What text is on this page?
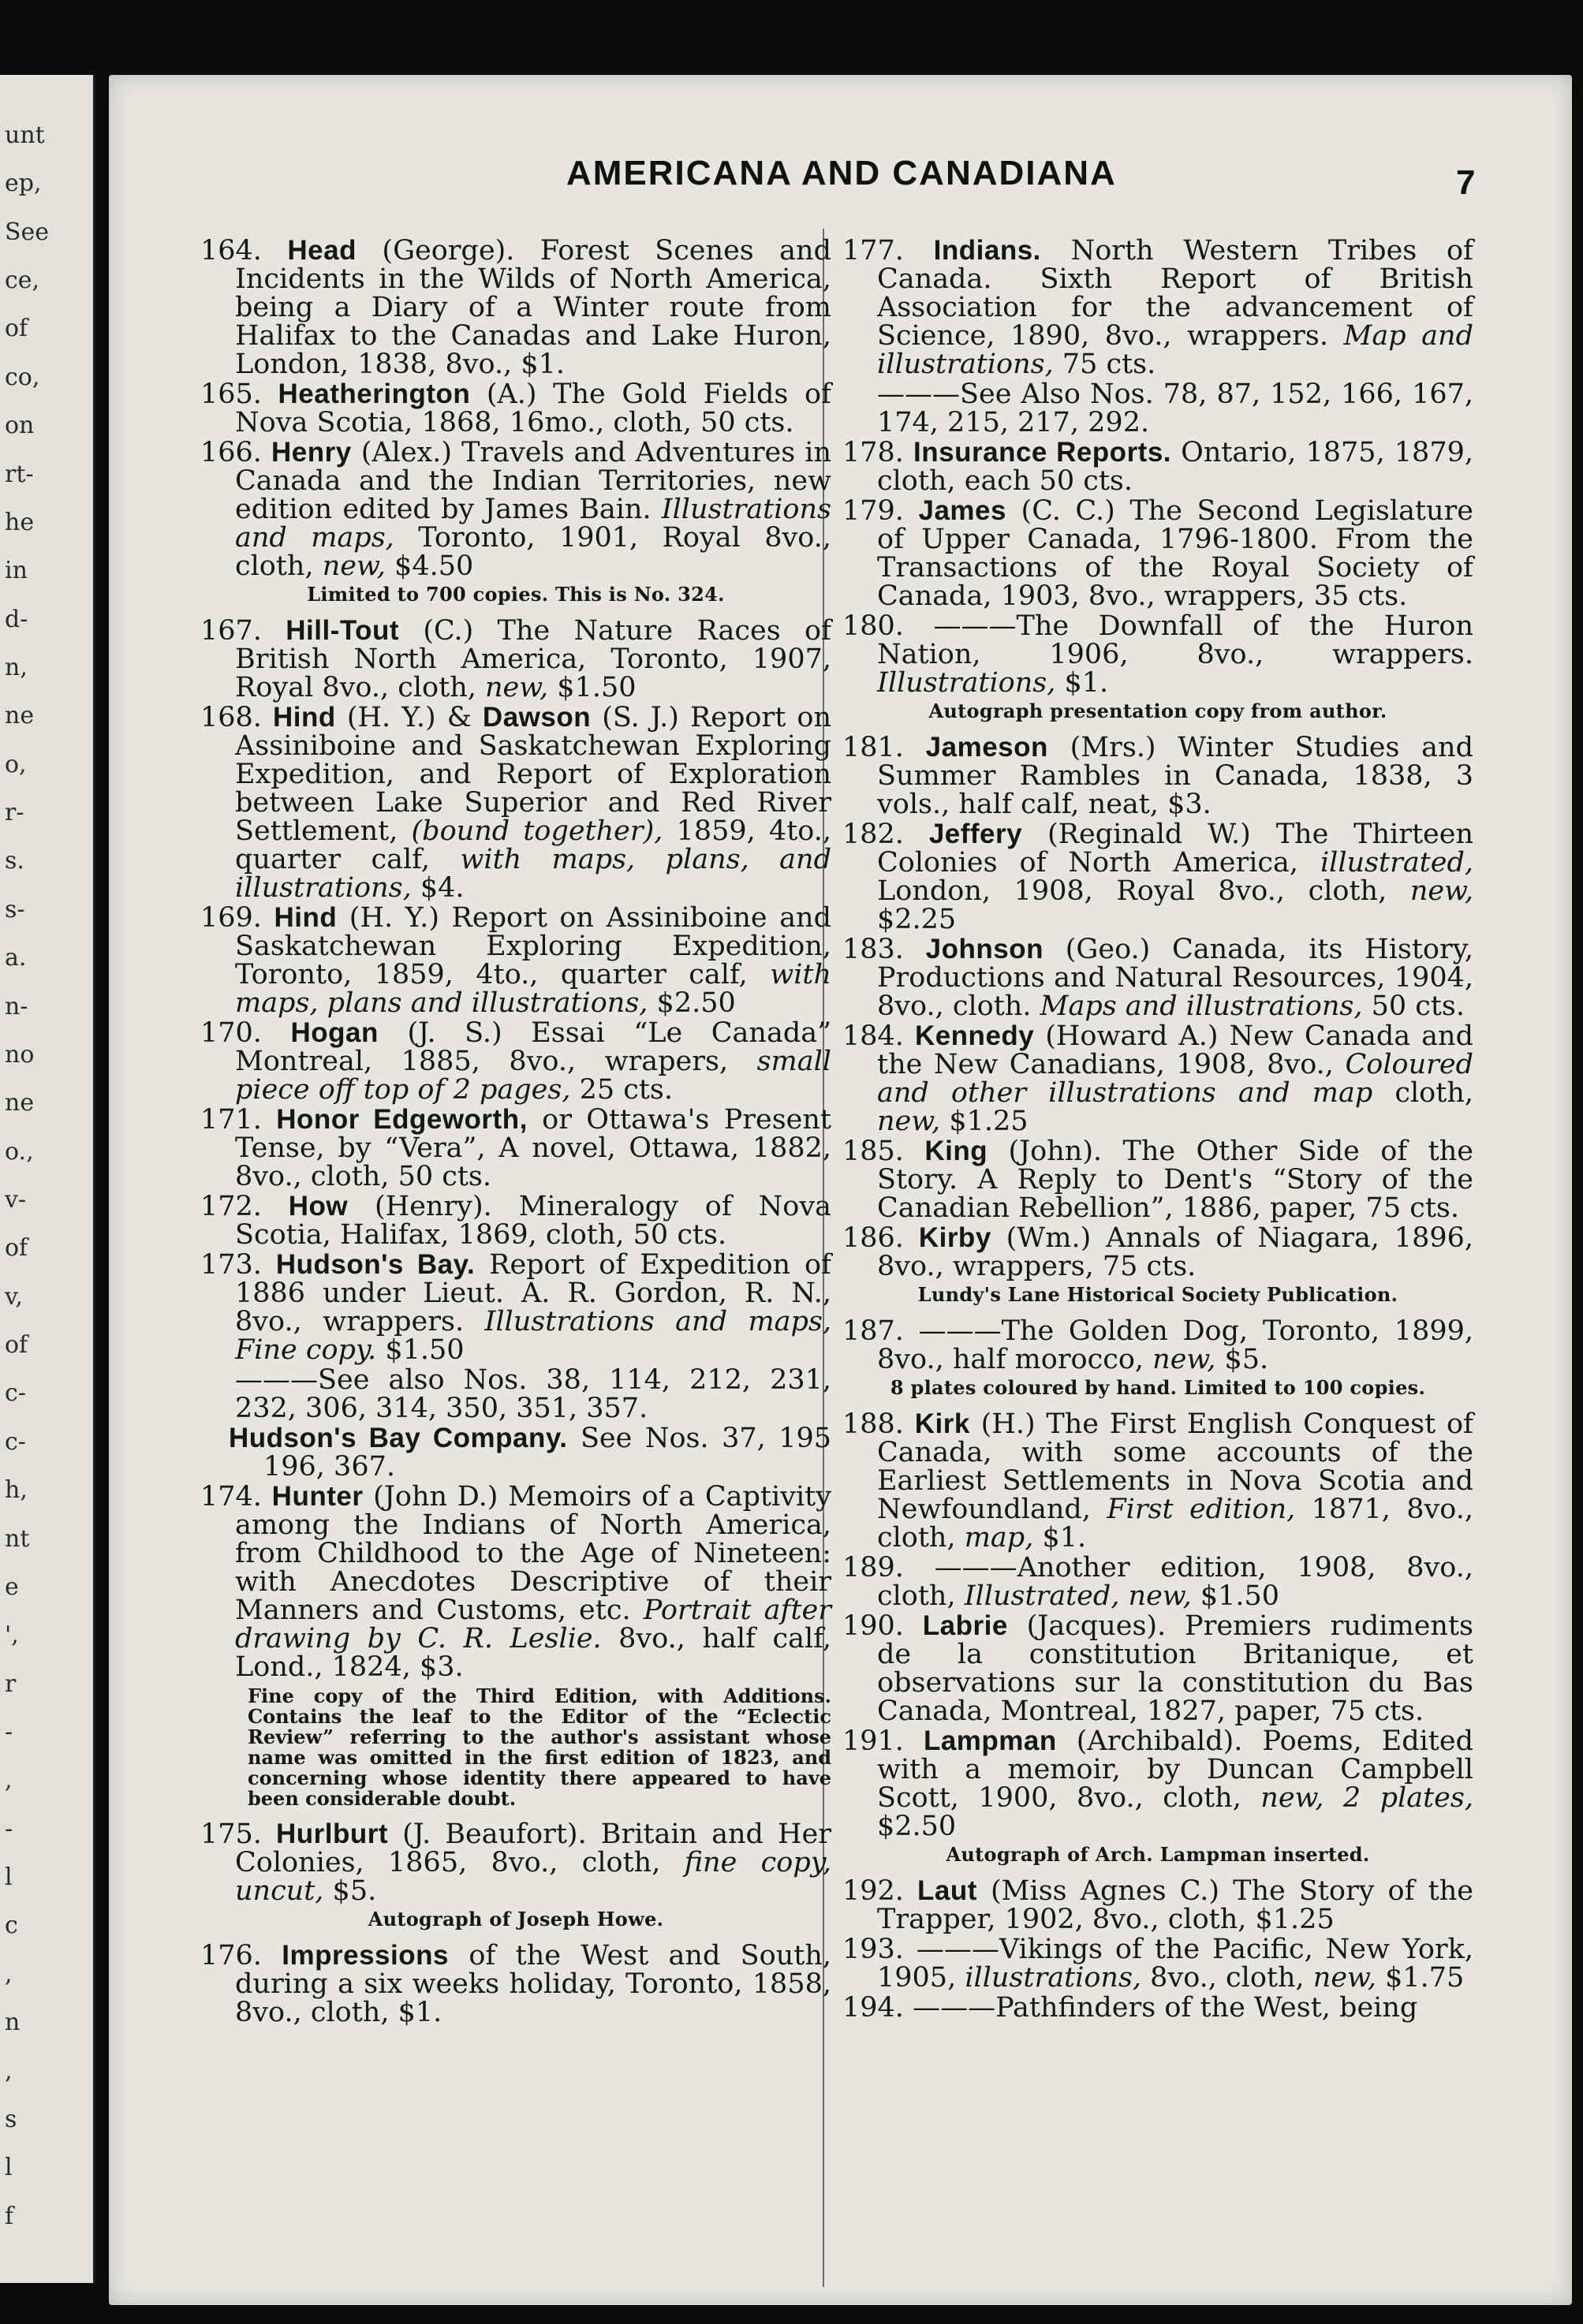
unt
ep,
See
ce,
of
co,
on
rt-
he
in
d-
n,
ne
o,
r-
s.
s-
a.
n-
no
ne
o.,
v-
of
v,
of
c-
c-
h,
nt
e
',
r
-
,
-
l
c
,
n
,
s
l
f
AMERICANA AND CANADIANA	7
164. Head (George). Forest Scenes and Incidents in the Wilds of North America, being a Diary of a Winter route from Halifax to the Canadas and Lake Huron, London, 1838, 8vo., $1.
165. Heatherington (A.) The Gold Fields of Nova Scotia, 1868, 16mo., cloth, 50 cts.
166. Henry (Alex.) Travels and Adventures in Canada and the Indian Territories, new edition edited by James Bain. Illustrations and maps, Toronto, 1901, Royal 8vo., cloth, new, $4.50
Limited to 700 copies. This is No. 324.
167. Hill-Tout (C.) The Nature Races of British North America, Toronto, 1907, Royal 8vo., cloth, new, $1.50
168. Hind (H. Y.) & Dawson (S. J.) Report on Assiniboine and Saskatchewan Exploring Expedition, and Report of Exploration between Lake Superior and Red River Settlement, (bound together), 1859, 4to., quarter calf, with maps, plans, and illustrations, $4.
169. Hind (H. Y.) Report on Assiniboine and Saskatchewan Exploring Expedition, Toronto, 1859, 4to., quarter calf, with maps, plans and illustrations, $2.50
170. Hogan (J. S.) Essai “Le Canada” Montreal, 1885, 8vo., wrapers, small piece off top of 2 pages, 25 cts.
171. Honor Edgeworth, or Ottawa's Present Tense, by “Vera”, A novel, Ottawa, 1882, 8vo., cloth, 50 cts.
172. How (Henry). Mineralogy of Nova Scotia, Halifax, 1869, cloth, 50 cts.
173. Hudson's Bay. Report of Expedition of 1886 under Lieut. A. R. Gordon, R. N., 8vo., wrappers. Illustrations and maps, Fine copy. $1.50
———See also Nos. 38, 114, 212, 231, 232, 306, 314, 350, 351, 357.
Hudson's Bay Company. See Nos. 37, 195 196, 367.
174. Hunter (John D.) Memoirs of a Captivity among the Indians of North America, from Childhood to the Age of Nineteen: with Anecdotes Descriptive of their Manners and Customs, etc. Portrait after drawing by C. R. Leslie. 8vo., half calf, Lond., 1824, $3.
Fine copy of the Third Edition, with Additions. Contains the leaf to the Editor of the “Eclectic Review” referring to the author's assistant whose name was omitted in the first edition of 1823, and concerning whose identity there appeared to have been considerable doubt.
175. Hurlburt (J. Beaufort). Britain and Her Colonies, 1865, 8vo., cloth, fine copy, uncut, $5.
Autograph of Joseph Howe.
176. Impressions of the West and South, during a six weeks holiday, Toronto, 1858, 8vo., cloth, $1.
177. Indians. North Western Tribes of Canada. Sixth Report of British Association for the advancement of Science, 1890, 8vo., wrappers. Map and illustrations, 75 cts.
———See Also Nos. 78, 87, 152, 166, 167, 174, 215, 217, 292.
178. Insurance Reports. Ontario, 1875, 1879, cloth, each 50 cts.
179. James (C. C.) The Second Legislature of Upper Canada, 1796-1800. From the Transactions of the Royal Society of Canada, 1903, 8vo., wrappers, 35 cts.
180. ———The Downfall of the Huron Nation, 1906, 8vo., wrappers. Illustrations, $1.
Autograph presentation copy from author.
181. Jameson (Mrs.) Winter Studies and Summer Rambles in Canada, 1838, 3 vols., half calf, neat, $3.
182. Jeffery (Reginald W.) The Thirteen Colonies of North America, illustrated, London, 1908, Royal 8vo., cloth, new, $2.25
183. Johnson (Geo.) Canada, its History, Productions and Natural Resources, 1904, 8vo., cloth. Maps and illustrations, 50 cts.
184. Kennedy (Howard A.) New Canada and the New Canadians, 1908, 8vo., Coloured and other illustrations and map cloth, new, $1.25
185. King (John). The Other Side of the Story. A Reply to Dent's “Story of the Canadian Rebellion”, 1886, paper, 75 cts.
186. Kirby (Wm.) Annals of Niagara, 1896, 8vo., wrappers, 75 cts.
Lundy's Lane Historical Society Publication.
187. ———The Golden Dog, Toronto, 1899, 8vo., half morocco, new, $5.
8 plates coloured by hand. Limited to 100 copies.
188. Kirk (H.) The First English Conquest of Canada, with some accounts of the Earliest Settlements in Nova Scotia and Newfoundland, First edition, 1871, 8vo., cloth, map, $1.
189. ———Another edition, 1908, 8vo., cloth, Illustrated, new, $1.50
190. Labrie (Jacques). Premiers rudiments de la constitution Britanique, et observations sur la constitution du Bas Canada, Montreal, 1827, paper, 75 cts.
191. Lampman (Archibald). Poems, Edited with a memoir, by Duncan Campbell Scott, 1900, 8vo., cloth, new, 2 plates, $2.50
Autograph of Arch. Lampman inserted.
192. Laut (Miss Agnes C.) The Story of the Trapper, 1902, 8vo., cloth, $1.25
193. ———Vikings of the Pacific, New York, 1905, illustrations, 8vo., cloth, new, $1.75
194. ———Pathfinders of the West, being
